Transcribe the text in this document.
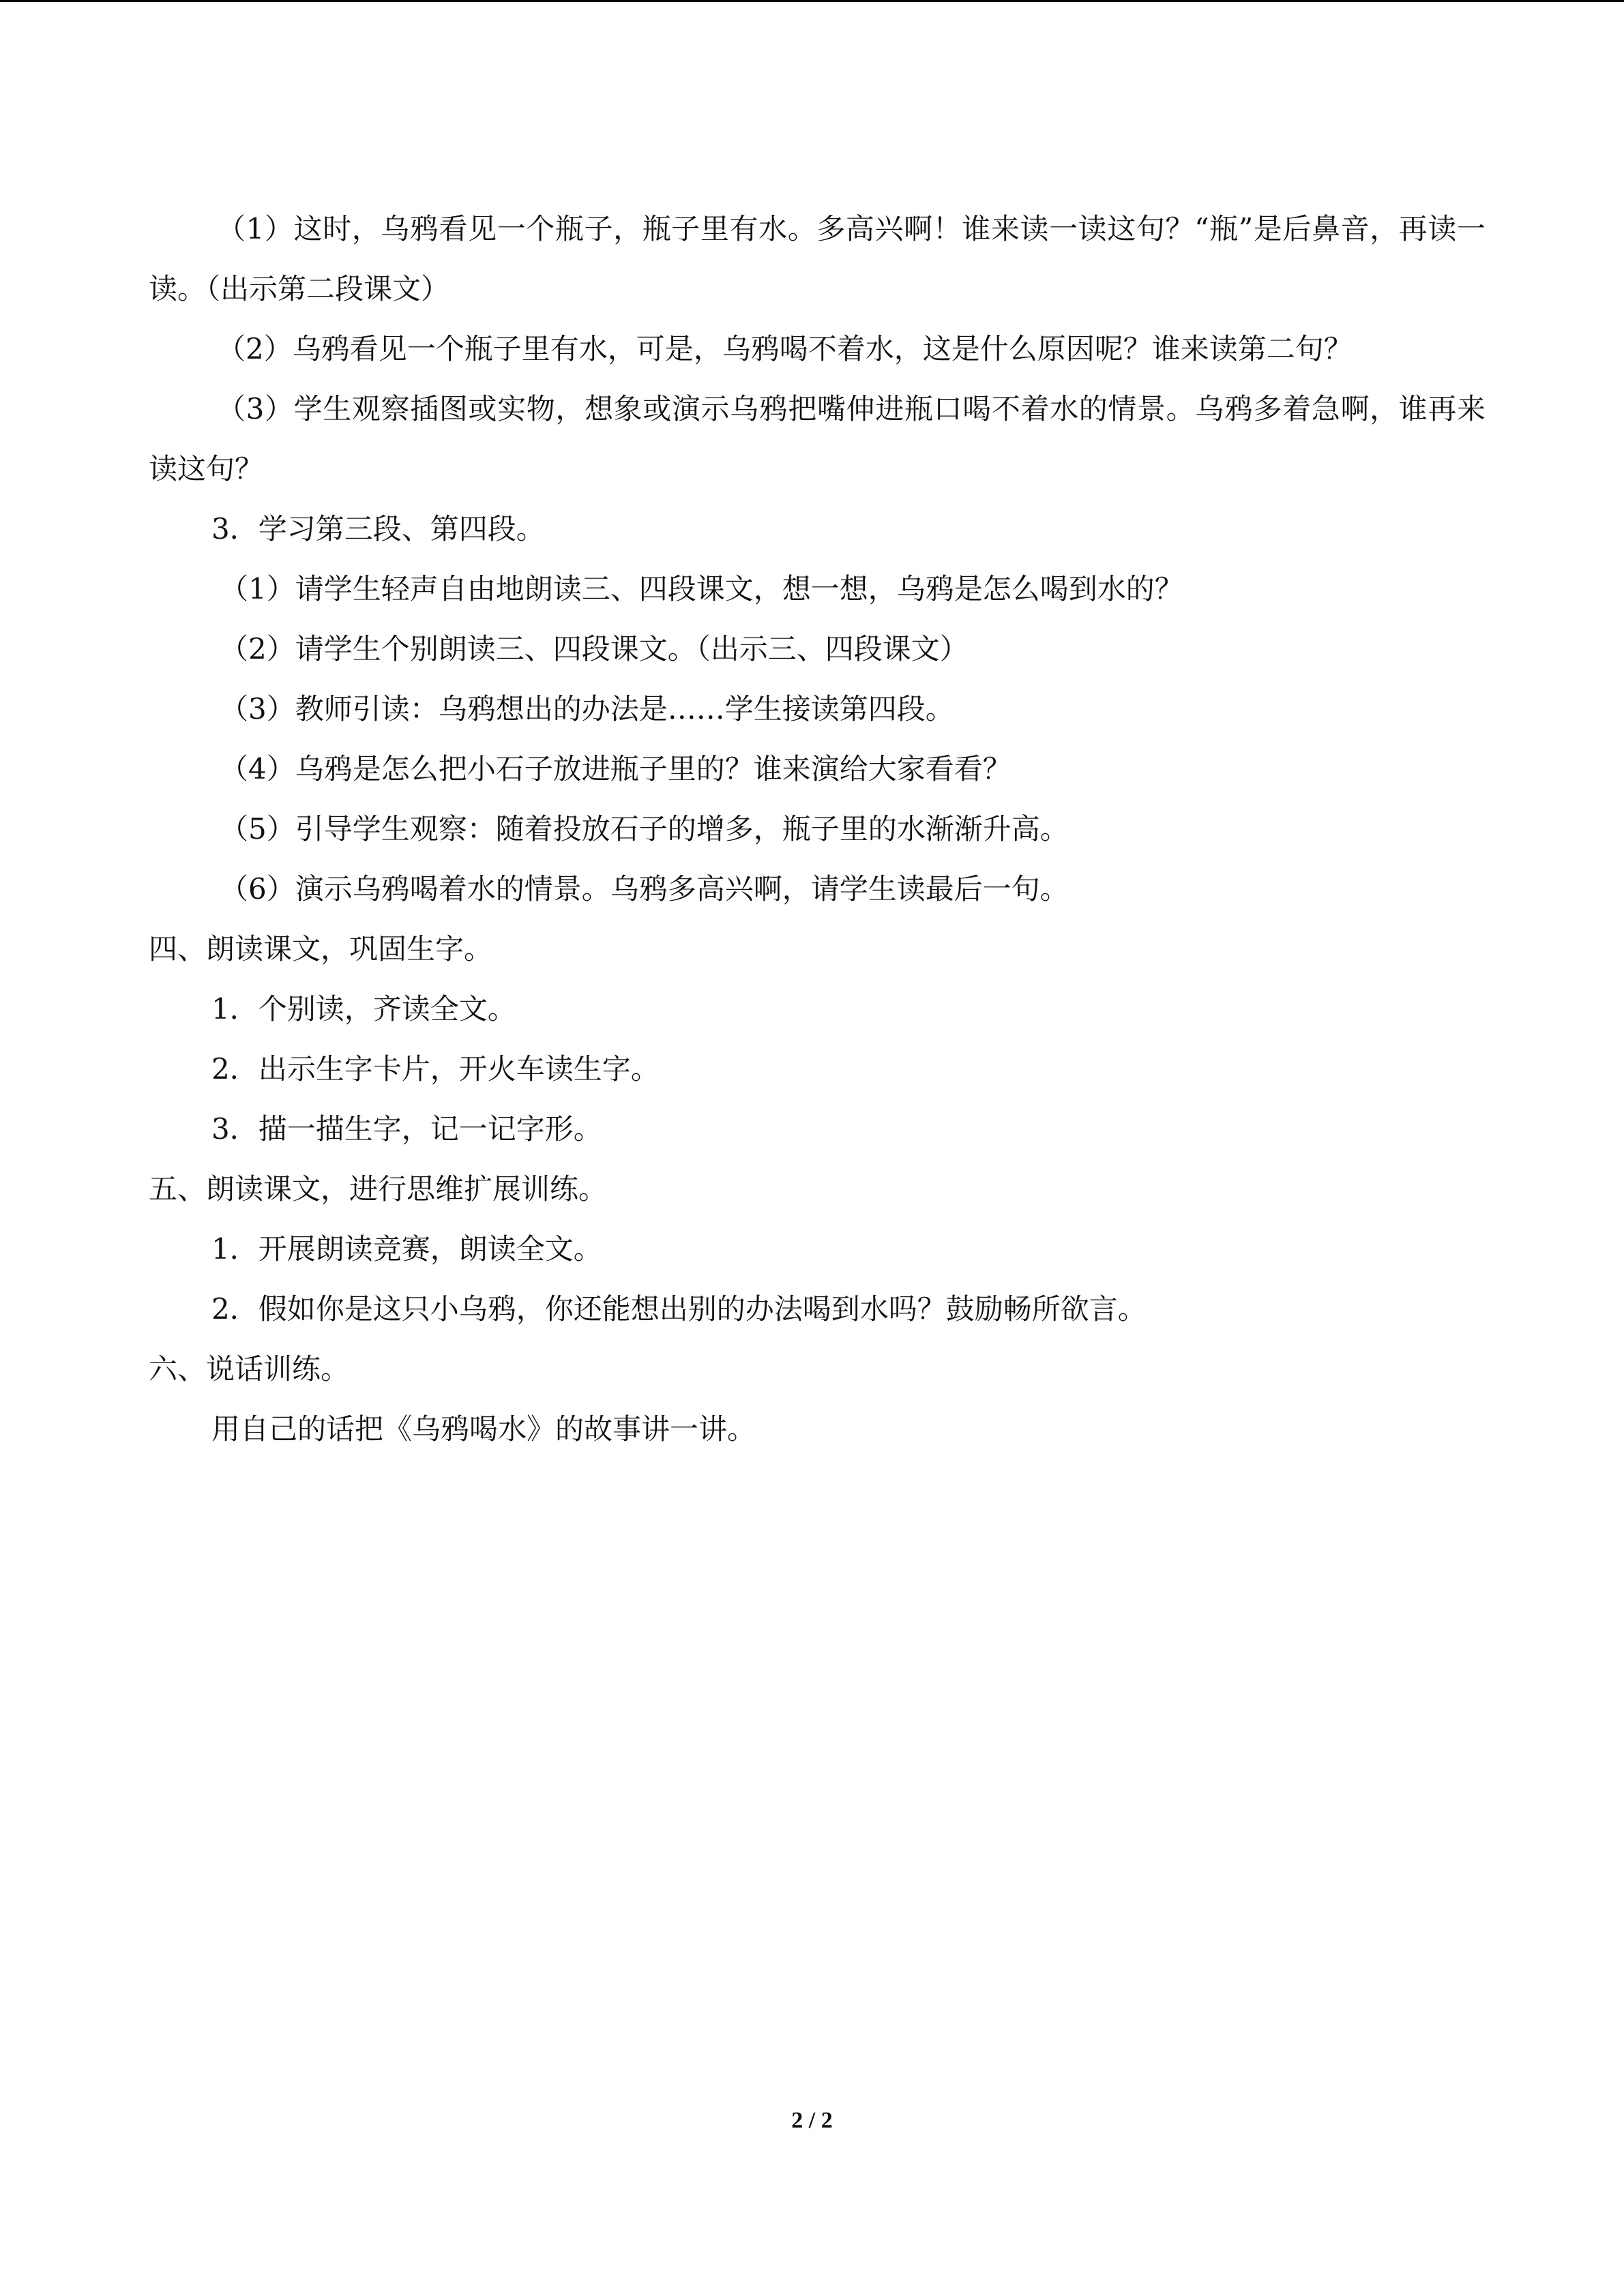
（1）这时，乌鸦看见一个瓶子，瓶子里有水。多高兴啊！谁来读一读这句？“瓶”是后鼻音，再读一读。（出示第二段课文）

（2）乌鸦看见一个瓶子里有水，可是，乌鸦喝不着水，这是什么原因呢？谁来读第二句？

（3）学生观察插图或实物，想象或演示乌鸦把嘴伸进瓶口喝不着水的情景。乌鸦多着急啊，谁再来读这句？

3．学习第三段、第四段。

（1）请学生轻声自由地朗读三、四段课文，想一想，乌鸦是怎么喝到水的？

（2）请学生个别朗读三、四段课文。（出示三、四段课文）

（3）教师引读：乌鸦想出的办法是……学生接读第四段。

（4）乌鸦是怎么把小石子放进瓶子里的？谁来演给大家看看？

（5）引导学生观察：随着投放石子的增多，瓶子里的水渐渐升高。

（6）演示乌鸦喝着水的情景。乌鸦多高兴啊，请学生读最后一句。

四、朗读课文，巩固生字。

1．个别读，齐读全文。

2．出示生字卡片，开火车读生字。

3．描一描生字，记一记字形。

五、朗读课文，进行思维扩展训练。

1．开展朗读竞赛，朗读全文。

2．假如你是这只小乌鸦，你还能想出别的办法喝到水吗？鼓励畅所欲言。

六、说话训练。

用自己的话把《乌鸦喝水》的故事讲一讲。

2 / 2
